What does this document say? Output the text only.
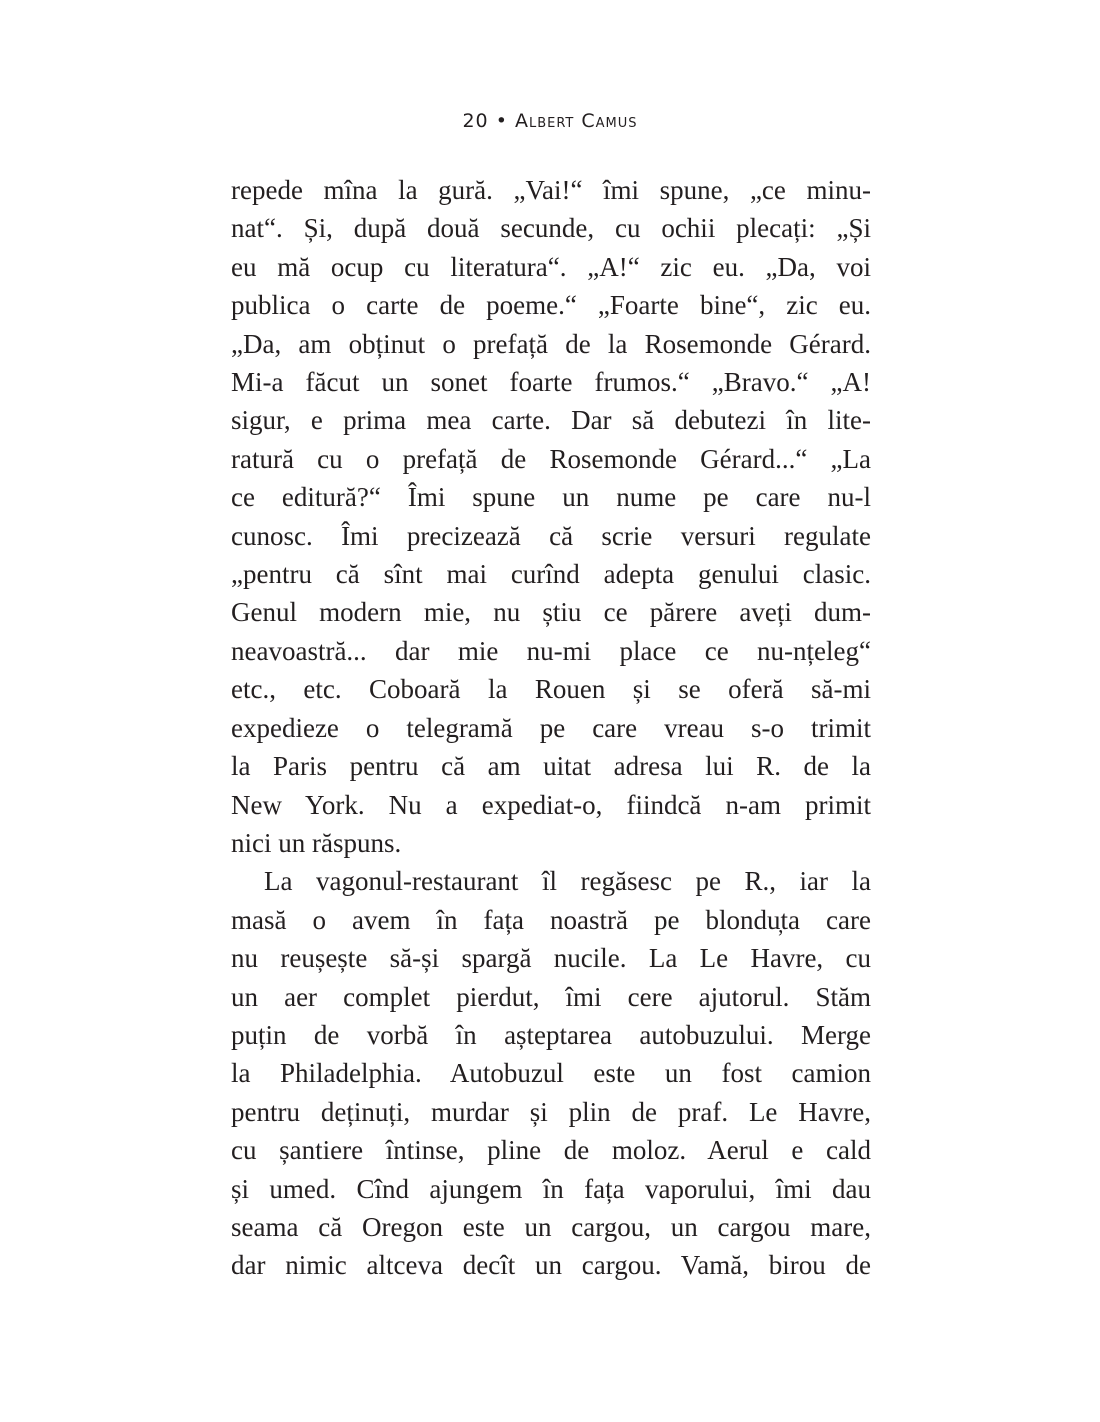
20 • Albert Camus
repede mîna la gură. „Vai!“ îmi spune, „ce minu-
nat“. Și, după două secunde, cu ochii plecați: „Și
eu mă ocup cu literatura“. „A!“ zic eu. „Da, voi
publica o carte de poeme.“ „Foarte bine“, zic eu.
„Da, am obținut o prefață de la Rosemonde Gérard.
Mi-a făcut un sonet foarte frumos.“ „Bravo.“ „A!
sigur, e prima mea carte. Dar să debutezi în lite-
ratură cu o prefață de Rosemonde Gérard...“ „La
ce editură?“ Îmi spune un nume pe care nu-l
cunosc. Îmi precizează că scrie versuri regulate
„pentru că sînt mai curînd adepta genului clasic.
Genul modern mie, nu știu ce părere aveți dum-
neavoastră... dar mie nu-mi place ce nu-nțeleg“
etc., etc. Coboară la Rouen și se oferă să-mi
expedieze o telegramă pe care vreau s-o trimit
la Paris pentru că am uitat adresa lui R. de la
New York. Nu a expediat-o, fiindcă n-am primit
nici un răspuns.
La vagonul-restaurant îl regăsesc pe R., iar la
masă o avem în fața noastră pe blondu̦ta care
nu reușește să-și spargă nucile. La Le Havre, cu
un aer complet pierdut, îmi cere ajutorul. Stăm
puțin de vorbă în așteptarea autobuzului. Merge
la Philadelphia. Autobuzul este un fost camion
pentru deținuți, murdar și plin de praf. Le Havre,
cu șantiere întinse, pline de moloz. Aerul e cald
și umed. Cînd ajungem în fața vaporului, îmi dau
seama că Oregon este un cargou, un cargou mare,
dar nimic altceva decît un cargou. Vamă, birou de
